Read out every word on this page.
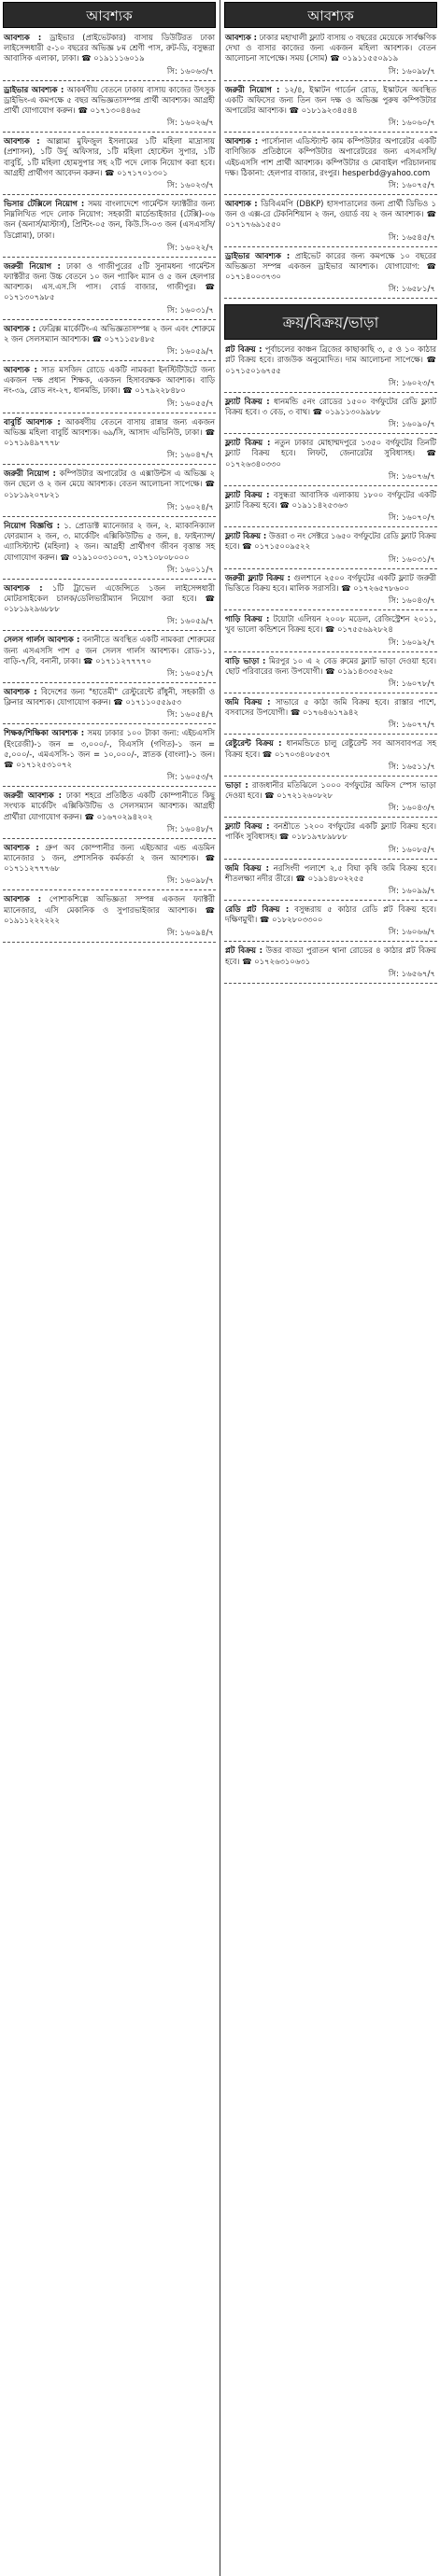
আবশ্যক
আবশ্যক : ড্রাইভার (প্রাইভেটকার) বাসায় ডিউটিরত ঢাকা লাইসেন্সধারী ৫-১০ বছরের অভিজ্ঞ ৮ম শ্রেণী পাস, রুট-ডি, বসুন্ধরা আবাসিক এলাকা, ঢাকা। ☎ ০১৯১১১৬০১৯
সি: ১৬০৬৩/৭
ড্রাইভার আবশ্যক : আকর্ষণীয় বেতনে ঢাকায় বাসায় কাজের উৎসুক ড্রাইভিং-এ কমপক্ষে ৫ বছর অভিজ্ঞতাসম্পন্ন প্রার্থী আবশ্যক। আগ্রহী প্রার্থী যোগাযোগ করুন। ☎ ০১৭১৩০৪৪৬৫
সি: ১৬০২৬/৭
আবশ্যক : আল্লামা মুফিজুল ইসলামের ১টি মহিলা মাদ্রাসায় (প্রশাসন), ১টি উর্দু অফিসার, ১টি মহিলা হোস্টেল সুপার, ১টি বাবুর্চি, ১টি মহিলা হোমসুপার সহ ২টি পদে লোক নিয়োগ করা হবে। আগ্রহী প্রার্থীগণ আবেদন করুন। ☎ ০১৭১৭০১৩০১
সি: ১৬০২৩/৭
ভিসার টেক্সিলে নিয়োগ : সময় বাংলাদেশে গার্মেন্টস ফ্যাক্টরীর জন্য নিম্নলিখিত পদে লোক নিয়োগ: সহকারী মার্চেন্ডাইজার (টেক্সি)-০৬ জন (অনার্স/মাস্টার্স), প্রিন্টিং-০৫ জন, কিউ.সি-০৩ জন (এসএসসি/ডিপ্লোমা), ঢাকা।
সি: ১৬০২২/৭
জরুরী নিয়োগ : ঢাকা ও গাজীপুরের ৫টি সুনামধন্য গার্মেন্টস ফ্যাক্টরীর জন্য উচ্চ বেতনে ১০ জন প্যাকিং ম্যান ও ৫ জন হেলপার আবশ্যক। এস.এস.সি পাস। বোর্ড বাজার, গাজীপুর। ☎ ০১৭১৩০৭৯৮৫
সি: ১৬০৩১/৭
আবশ্যক : ফেব্রিক্স মার্কেটিং-এ অভিজ্ঞতাসম্পন্ন ২ জন এবং শোরুমে ২ জন সেলসম্যান আবশ্যক। ☎ ০১৭১১৫৮৪৮৫
সি: ১৬০৫৯/৭
আবশ্যক : সাত মসজিদ রোডে একটি নামকরা ইনস্টিটিউটে জন্য একজন দক্ষ প্রধান শিক্ষক, একজন হিসাবরক্ষক আবশ্যক। বাড়ি নং-৩৯, রোড নং-২৭, ধানমন্ডি, ঢাকা। ☎ ০১৭৯২২৮৪৮০
সি: ১৬০৫৫/৭
বাবুর্চি আবশ্যক : আকর্ষণীয় বেতনে বাসায় রান্নার জন্য একজন অভিজ্ঞ মহিলা বাবুর্চি আবশ্যক। ৬৯/সি, আসাদ এভিনিউ, ঢাকা। ☎ ০১৭১৯৪৯৭৭৭৮
সি: ১৬০৪৭/৭
জরুরী নিয়োগ : কম্পিউটার অপারেটর ও এক্সাউন্টস এ অভিজ্ঞ ২ জন ছেলে ও ২ জন মেয়ে আবশ্যক। বেতন আলোচনা সাপেক্ষে। ☎ ০১৮১৯২০৭৮২১
সি: ১৬০২৪/৭
নিয়োগ বিজ্ঞপ্তি : ১. প্রোডাক্ট ম্যানেজার ২ জন, ২. ম্যাকানিক্যাল ফোরম্যান ২ জন, ৩. মার্কেটিং এক্সিকিউটিভ ৫ জন, ৪. ফাইন্যান্স/এ্যাসিস্ট্যান্ট (মহিলা) ২ জন। আগ্রহী প্রার্থীগণ জীবন বৃত্তান্ত সহ যোগাযোগ করুন। ☎ ০১৯১০০৩১০০৭, ০১৭১০৮০৮০০০
সি: ১৬০১১/৭
আবশ্যক : ১টি ট্রাভেল এজেন্সিতে ১জন লাইসেন্সধারী মোটরসাইকেল চালক/ডেলিভারীম্যান নিয়োগ করা হবে। ☎ ০১৮১৯২৯৬৮৮৮
সি: ১৬০৫৯/৭
সেলস গার্লস আবশ্যক : বনানীতে অবস্থিত একটি নামকরা শোরুমের জন্য এসএসসি পাশ ৫ জন সেলস গার্লস আবশ্যক। রোড-১১, বাড়ি-৭/বি, বনানী, ঢাকা। ☎ ০১৭১১২৭৭৭৭০
সি: ১৬০৫১/৭
আবশ্যক : বিদেশের জন্য "হাতেমী" রেস্টুরেন্টে রাঁধুনী, সহকারী ও ক্লিনার আবশ্যক। যোগাযোগ করুন। ☎ ০১৭১১০৫৫৯৫৩
সি: ১৬০৫৪/৭
শিক্ষক/শিক্ষিকা আবশ্যক : সময় ঢাকার ১০০ টাকা জন্য: এইচএসসি (ইংরেজী)-১ জন = ৩,০০০/-, বিএসসি (গণিত)-১ জন = ৫,০০০/-, এমএসসি-১ জন = ১০,০০০/-, স্নাতক (বাংলা)-১ জন। ☎ ০১৭১২৫৩১০৭২
সি: ১৬০৫৩/৭
জরুরী আবশ্যক : ঢাকা শহরে প্রতিষ্ঠিত একটি কোম্পানীতে কিছু সংখ্যক মার্কেটিং এক্সিকিউটিভ ও সেলসম্যান আবশ্যক। আগ্রহী প্রার্থীরা যোগাযোগ করুন। ☎ ০১৬৭০২৯৪২০২
সি: ১৬০৪৮/৭
আবশ্যক : গ্রুপ অব কোম্পানীর জন্য এইচআর এন্ড এডমিন ম্যানেজার ১ জন, প্রশাসনিক কর্মকর্তা ২ জন আবশ্যক। ☎ ০১৭১১২৭৭৭৬৮
সি: ১৬০৯৮/৭
আবশ্যক : পোশাকশিল্পে অভিজ্ঞতা সম্পন্ন একজন ফ্যাক্টরী ম্যানেজার, এসি মেকানিক ও সুপারভাইজার আবশ্যক। ☎ ০১৯১১২২২২২২
সি: ১৬০৯৪/৭
আবশ্যক
আবশ্যক : ঢাকার মহাখালী ফ্ল্যাট বাসায় ৩ বছরের মেয়েকে সার্বক্ষণিক দেখা ও বাসার কাজের জন্য একজন মহিলা আবশ্যক। বেতন আলোচনা সাপেক্ষে। সময় (সোম) ☎ ০১৯১১৫৫০৯১৯
সি: ১৬০৯৮/৭
জরুরী নিয়োগ : ১২/৪, ইস্কাটন গার্ডেন রোড, ইস্কাটনে অবস্থিত একটি অফিসের জন্য তিন জন দক্ষ ও অভিজ্ঞ পুরুষ কম্পিউটার অপারেটর আবশ্যক। ☎ ০১৮১৯২৩৪৫৪৪
সি: ১৬০৬০/৭
আবশ্যক : পার্সোনাল এডিস্ট্যান্ট কাম কম্পিউটার অপারেটর একটি বাণিজ্যিক প্রতিষ্ঠানে কম্পিউটার অপারেটরের জন্য এসএসসি/এইচএসসি পাশ প্রার্থী আবশ্যক। কম্পিউটার ও মোবাইল পরিচালনায় দক্ষ। ঠিকানা: হেলপার বাজার, রংপুর। hesperbd@yahoo.com
সি: ১৬০৭৫/৭
আবশ্যক : ডিবিএমপি (DBKP) হাসপাতালের জন্য প্রার্থী ডিভিও ১ জন ও এক্স-রে টেকনিশিয়ান ২ জন, ওয়ার্ড বয় ২ জন আবশ্যক। ☎ ০১৭১৭৬৯১৫৫০
সি: ১৬৫৪৫/৭
ড্রাইভার আবশ্যক : প্রাইভেট কারের জন্য কমপক্ষে ১০ বছরের অভিজ্ঞতা সম্পন্ন একজন ড্রাইভার আবশ্যক। যোগাযোগ: ☎ ০১৭১৪০০৩৭৩০
সি: ১৬৫৮১/৭
ক্রয়/বিক্রয়/ভাড়া
প্লট বিক্রয় : পূর্বাচলের কাঞ্চন ব্রিজের কাছাকাছি ৩, ৫ ও ১০ কাঠার প্লট বিক্রয় হবে। রাজউক অনুমোদিত। দাম আলোচনা সাপেক্ষে। ☎ ০১৭১৫০১৬৭৫৫
সি: ১৬০২৩/৭
ফ্ল্যাট বিক্রয় : ধানমন্ডি ৫নং রোডের ১৫০০ বর্গফুটের রেডি ফ্ল্যাট বিক্রয় হবে। ৩ বেড, ৩ বাথ। ☎ ০১৯১১৩০৯৯৮৮
সি: ১৬০৯০/৭
ফ্ল্যাট বিক্রয় : নতুন ঢাকার মোহাম্মদপুরে ১৩৫০ বর্গফুটের তিনটি ফ্ল্যাট বিক্রয় হবে। লিফট, জেনারেটর সুবিধাসহ। ☎ ০১৭২৬৩৪০৩৩০
সি: ১৬০৭৬/৭
ফ্ল্যাট বিক্রয় : বসুন্ধরা আবাসিক এলাকায় ১৮০০ বর্গফুটের একটি ফ্ল্যাট বিক্রয় হবে। ☎ ০১৯১১৪২৫৩৬৩
সি: ১৬০৭০/৭
ফ্ল্যাট বিক্রয় : উত্তরা ৩ নং সেক্টরে ১৬৫০ বর্গফুটের রেডি ফ্ল্যাট বিক্রয় হবে। ☎ ০১৭১৫০০৯৫২২
সি: ১৬০৩১/৭
জরুরী ফ্ল্যাট বিক্রয় : গুলশানে ২৫০০ বর্গফুটের একটি ফ্ল্যাট জরুরী ভিত্তিতে বিক্রয় হবে। মালিক সরাসরি। ☎ ০১৭২৬৫৭৮৬০০
সি: ১৬০৪৩/৭
গাড়ি বিক্রয় : টয়োটা এলিয়ন ২০০৮ মডেল, রেজিস্ট্রেশন ২০১১, খুব ভালো কন্ডিশনে বিক্রয় হবে। ☎ ০১৭৫৫৬৯২৮২৪
সি: ১৬০৯২/৭
বাড়ি ভাড়া : মিরপুর ১০ এ ২ বেড রুমের ফ্ল্যাট ভাড়া দেওয়া হবে। ছোট পরিবারের জন্য উপযোগী। ☎ ০১৯১৪৩৩৫২৬৫
সি: ১৬০৭৮/৭
জমি বিক্রয় : সাভারে ৫ কাঠা জমি বিক্রয় হবে। রাস্তার পাশে, বসবাসের উপযোগী। ☎ ০১৭৬৪৬১৭৯৪২
সি: ১৬০৭৭/৭
রেষ্টুরেন্ট বিক্রয় : ধানমন্ডিতে চালু রেষ্টুরেন্ট সব আসবাবপত্র সহ বিক্রয় হবে। ☎ ০১৭০৩৪০৮৫৩৭
সি: ১৬৫১১/৭
ভাড়া : রাজধানীর মতিঝিলে ১০০০ বর্গফুটের অফিস স্পেস ভাড়া দেওয়া হবে। ☎ ০১৭২১২৬০৮২৮
সি: ১৬০৪৩/৭
ফ্ল্যাট বিক্রয় : বনশ্রীতে ১২০০ বর্গফুটের একটি ফ্ল্যাট বিক্রয় হবে। পার্কিং সুবিধাসহ। ☎ ০১৮১৯৭৮৯৮৮৮
সি: ১৬০৮৫/৭
জমি বিক্রয় : নরসিংদী পলাশে ২.৫ বিঘা কৃষি জমি বিক্রয় হবে। শীতলক্ষ্যা নদীর তীরে। ☎ ০১৯১৪৮০২২৫৫
সি: ১৬০৯৯/৭
রেডি প্লট বিক্রয় : বসুন্ধরায় ৫ কাঠার রেডি প্লট বিক্রয় হবে। দক্ষিণমুখী। ☎ ০১৮২৮০৩৩০০
সি: ১৬০৬৬/৭
প্লট বিক্রয় : উত্তর বাড্ডা পুরাতন থানা রোডের ৪ কাঠার প্লট বিক্রয় হবে। ☎ ০১৭২৬৩১০৬৩১
সি: ১৬৫৬৭/৭
